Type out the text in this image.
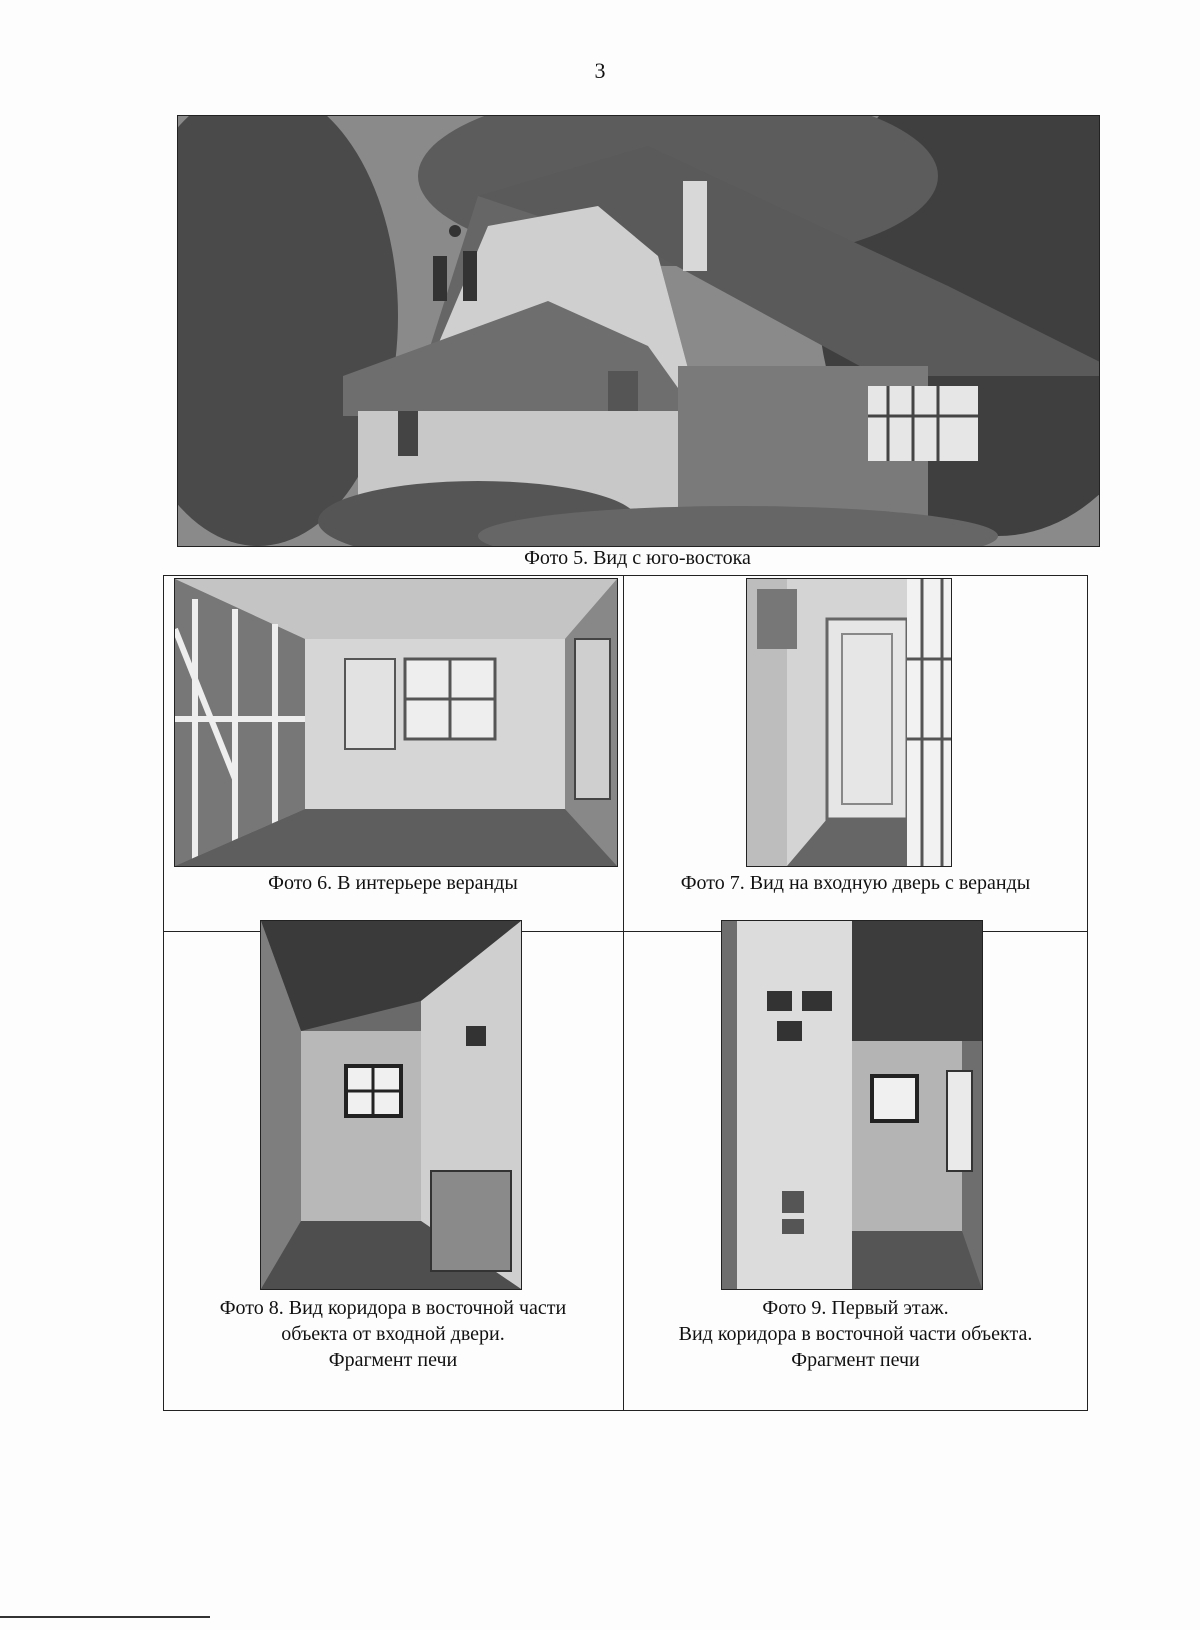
3
Фото 5. Вид с юго-востока
Фото 6. В интерьере веранды	Фото 7. Вид на входную дверь с веранды
Фото 8. Вид коридора в восточной части
объекта от входной двери.
Фрагмент печи
Фото 9. Первый этаж.
Вид коридора в восточной части объекта.
Фрагмент печи
